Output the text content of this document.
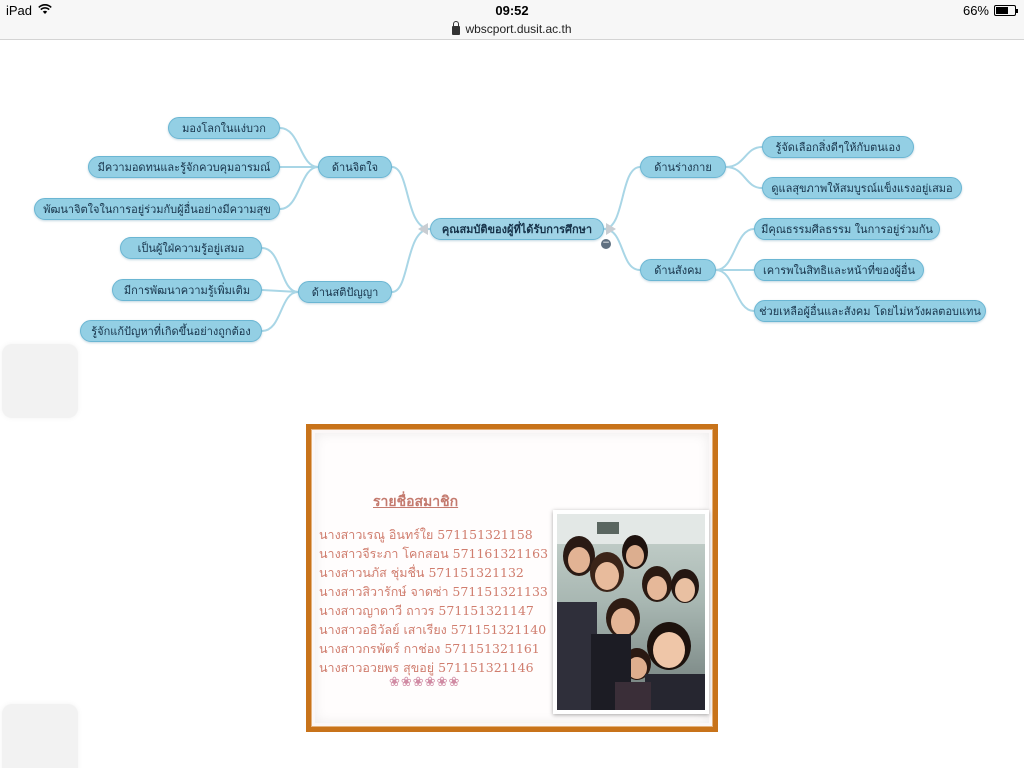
iPad	09:52	66%
wbscport.dusit.ac.th
−
คุณสมบัติของผู้ที่ได้รับการศึกษา
ด้านจิตใจ
ด้านสติปัญญา
ด้านร่างกาย
ด้านสังคม
มองโลกในแง่บวก
มีความอดทนและรู้จักควบคุมอารมณ์
พัฒนาจิตใจในการอยู่ร่วมกับผู้อื่นอย่างมีความสุข
เป็นผู้ใฝ่ความรู้อยู่เสมอ
มีการพัฒนาความรู้เพิ่มเติม
รู้จักแก้ปัญหาที่เกิดขึ้นอย่างถูกต้อง
รู้จัดเลือกสิ่งดีๆให้กับตนเอง
ดูแลสุขภาพให้สมบูรณ์แข็งแรงอยู่เสมอ
มีคุณธรรมศีลธรรม ในการอยู่ร่วมกัน
เคารพในสิทธิและหน้าที่ของผู้อื่น
ช่วยเหลือผู้อื่นและสังคม โดยไม่หวังผลตอบแทน
รายชื่อสมาชิก
นางสาวเรณู อินทร์ใย 571151321158
นางสาวจีระภา โคกสอน 571161321163
นางสาวนภัส ชุ่มชื่น 571151321132
นางสาวสิวารักษ์ จาดซ่า 571151321133
นางสาวญาดาวี ถาวร 571151321147
นางสาวอธิวัลย์ เสาเรียง 571151321140
นางสาวกรพัตร์ กาช่อง 571151321161
นางสาวอวยพร สุขอยู่ 571151321146
❀❀❀❀❀❀
